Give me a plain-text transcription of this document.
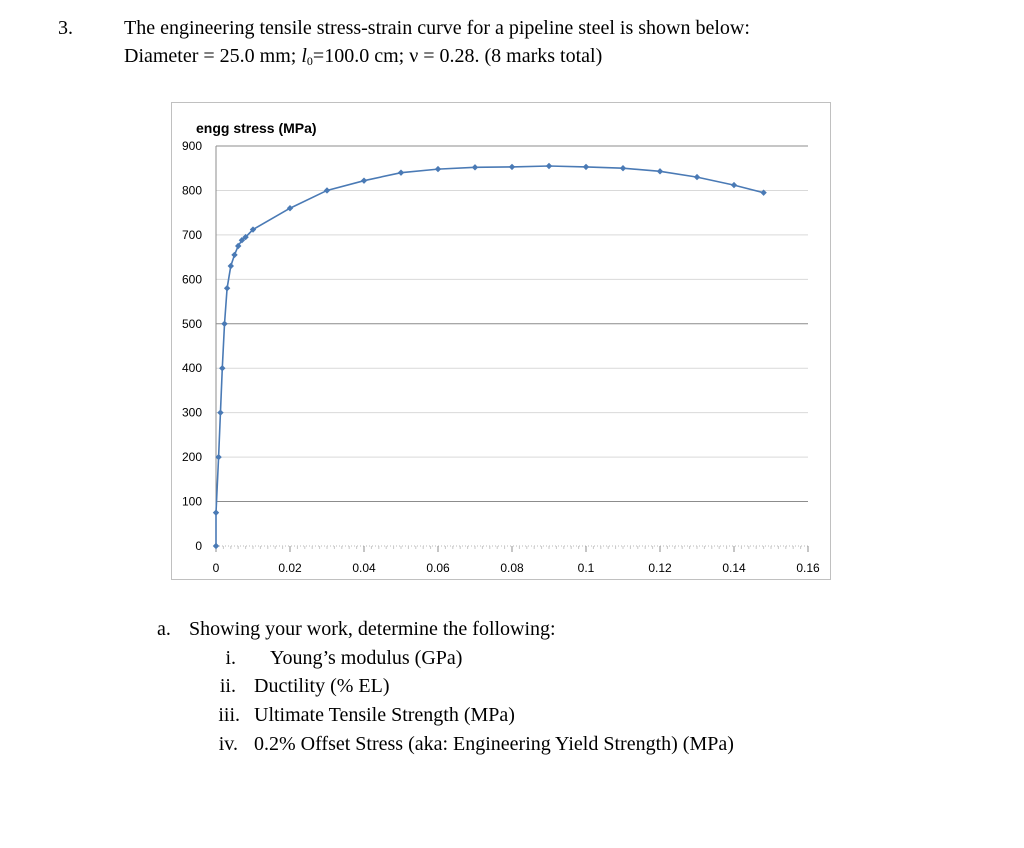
3.	The engineering tensile stress-strain curve for a pipeline steel is shown below:
Diameter = 25.0 mm; $l_0=100.0$ cm; ν = 0.28. (8 marks total)
0
100
200
300
400
500
600
700
800
900
0	0.02	0.04	0.06	0.08	0.1	0.12	0.14	0.16
engg stress (MPa)
a. Showing your work, determine the following:
i. Young’s modulus (GPa)
ii. Ductility (% EL)
iii. Ultimate Tensile Strength (MPa)
iv. 0.2% Offset Stress (aka: Engineering Yield Strength) (MPa)
